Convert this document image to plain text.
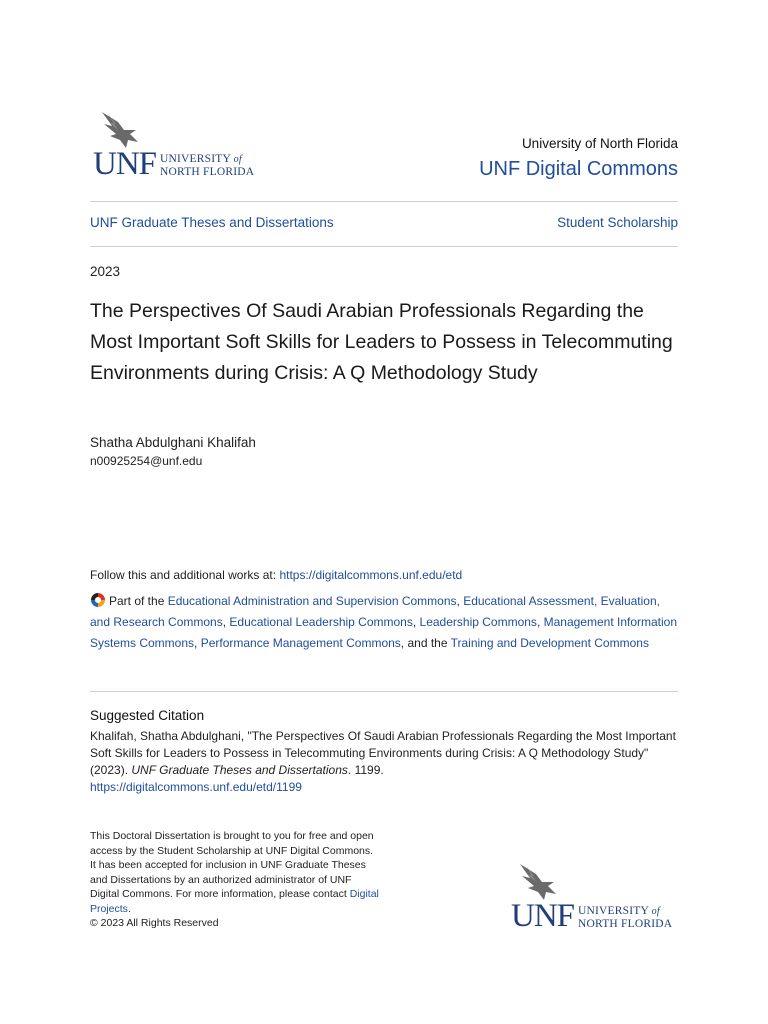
UNF UNIVERSITY of
NORTH FLORIDA
University of North Florida
UNF Digital Commons
UNF Graduate Theses and Dissertations	Student Scholarship
2023
The Perspectives Of Saudi Arabian Professionals Regarding the Most Important Soft Skills for Leaders to Possess in Telecommuting Environments during Crisis: A Q Methodology Study
Shatha Abdulghani Khalifah
n00925254@unf.edu
Follow this and additional works at: https://digitalcommons.unf.edu/etd
Part of the Educational Administration and Supervision Commons, Educational Assessment, Evaluation, and Research Commons, Educational Leadership Commons, Leadership Commons, Management Information Systems Commons, Performance Management Commons, and the Training and Development Commons
Suggested Citation
Khalifah, Shatha Abdulghani, "The Perspectives Of Saudi Arabian Professionals Regarding the Most Important Soft Skills for Leaders to Possess in Telecommuting Environments during Crisis: A Q Methodology Study" (2023). UNF Graduate Theses and Dissertations. 1199.
https://digitalcommons.unf.edu/etd/1199
This Doctoral Dissertation is brought to you for free and open access by the Student Scholarship at UNF Digital Commons. It has been accepted for inclusion in UNF Graduate Theses and Dissertations by an authorized administrator of UNF Digital Commons. For more information, please contact Digital Projects.
© 2023 All Rights Reserved	UNF UNIVERSITY of
NORTH FLORIDA
